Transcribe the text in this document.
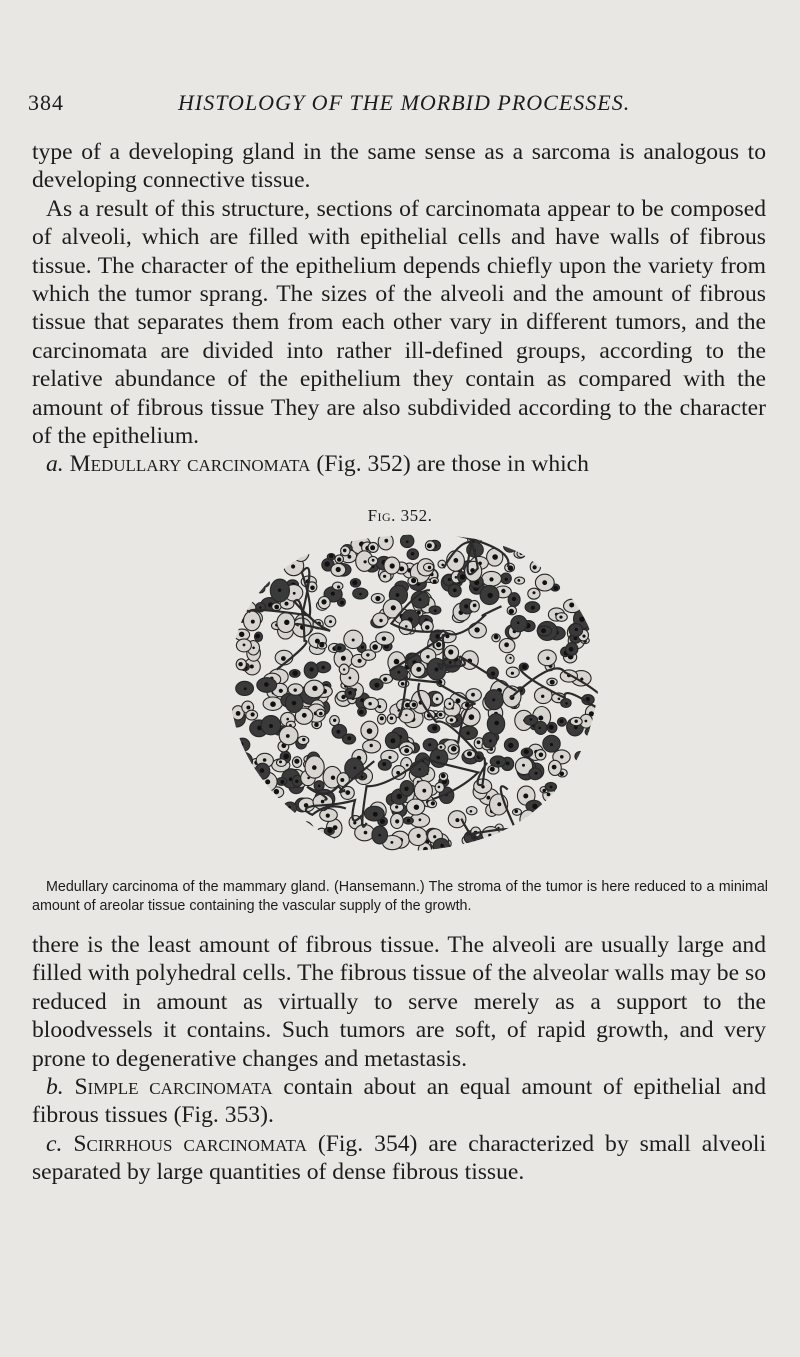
384	HISTOLOGY OF THE MORBID PROCESSES.

type of a developing gland in the same sense as a sarcoma is analogous to developing connective tissue.

As a result of this structure, sections of carcinomata appear to be composed of alveoli, which are filled with epithelial cells and have walls of fibrous tissue. The character of the epithelium depends chiefly upon the variety from which the tumor sprang. The sizes of the alveoli and the amount of fibrous tissue that separates them from each other vary in different tumors, and the carcinomata are divided into rather ill-defined groups, according to the relative abundance of the epithelium they contain as compared with the amount of fibrous tissue They are also subdivided according to the character of the epithelium.

a. Medullary carcinomata (Fig. 352) are those in which

Fig. 352.

Medullary carcinoma of the mammary gland. (Hansemann.) The stroma of the tumor is here reduced to a minimal amount of areolar tissue containing the vascular supply of the growth.

there is the least amount of fibrous tissue. The alveoli are usually large and filled with polyhedral cells. The fibrous tissue of the alveolar walls may be so reduced in amount as virtually to serve merely as a support to the bloodvessels it contains. Such tumors are soft, of rapid growth, and very prone to degenerative changes and metastasis.

b. Simple carcinomata contain about an equal amount of epithelial and fibrous tissues (Fig. 353).

c. Scirrhous carcinomata (Fig. 354) are characterized by small alveoli separated by large quantities of dense fibrous tissue.
